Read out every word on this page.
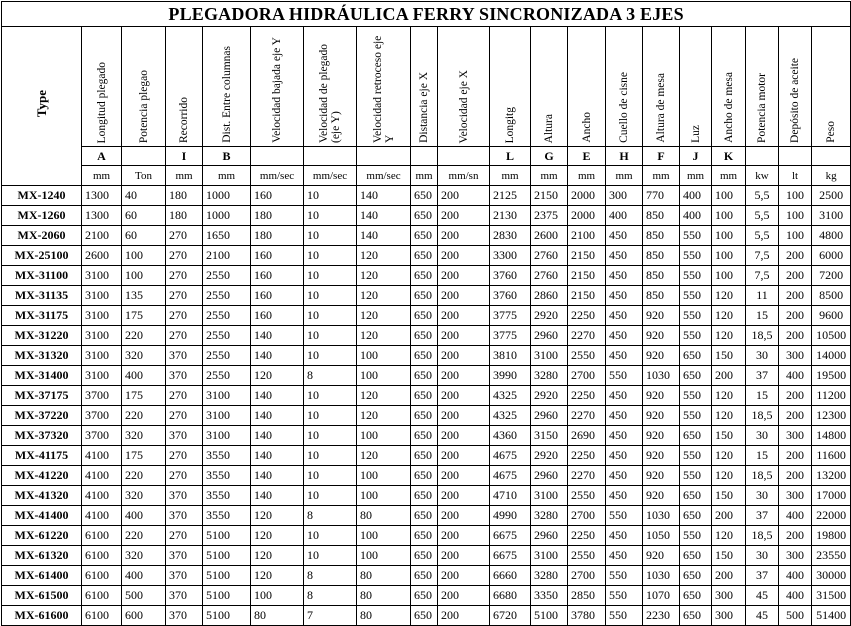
PLEGADORA HIDRÁULICA FERRY SINCRONIZADA 3 EJES																			
Type	Longitud plegado	Potencia plegao	Recorrido	Dist. Entre columnas	Velocidad bajada eje Y	Velocidad de plegado (eje Y)	Velocidad retroceso eje Y	Distancia eje X	Velocidad eje X	Longitg	Altura	Ancho	Cuello de cisne	Altura de mesa	Luz	Ancho de mesa	Potencia motor	Depósito de aceite	Peso

	A		I	B						L	G	E	H	F	J	K			
	mm	Ton	mm	mm	mm/sec	mm/sec	mm/sec	mm	mm/sn	mm	mm	mm	mm	mm	mm	mm	kw	lt	kg
MX-1240	1300	40	180	1000	160	10	140	650	200	2125	2150	2000	300	770	400	100	5,5	100	2500
MX-1260	1300	60	180	1000	180	10	140	650	200	2130	2375	2000	400	850	400	100	5,5	100	3100
MX-2060	2100	60	270	1650	180	10	140	650	200	2830	2600	2100	450	850	550	100	5,5	100	4800
MX-25100	2600	100	270	2100	160	10	120	650	200	3300	2760	2150	450	850	550	100	7,5	200	6000
MX-31100	3100	100	270	2550	160	10	120	650	200	3760	2760	2150	450	850	550	100	7,5	200	7200
MX-31135	3100	135	270	2550	160	10	120	650	200	3760	2860	2150	450	850	550	120	11	200	8500
MX-31175	3100	175	270	2550	160	10	120	650	200	3775	2920	2250	450	920	550	120	15	200	9600
MX-31220	3100	220	270	2550	140	10	120	650	200	3775	2960	2270	450	920	550	120	18,5	200	10500
MX-31320	3100	320	370	2550	140	10	100	650	200	3810	3100	2550	450	920	650	150	30	300	14000
MX-31400	3100	400	370	2550	120	8	100	650	200	3990	3280	2700	550	1030	650	200	37	400	19500
MX-37175	3700	175	270	3100	140	10	120	650	200	4325	2920	2250	450	920	550	120	15	200	11200
MX-37220	3700	220	270	3100	140	10	120	650	200	4325	2960	2270	450	920	550	120	18,5	200	12300
MX-37320	3700	320	370	3100	140	10	100	650	200	4360	3150	2690	450	920	650	150	30	300	14800
MX-41175	4100	175	270	3550	140	10	120	650	200	4675	2920	2250	450	920	550	120	15	200	11600
MX-41220	4100	220	270	3550	140	10	100	650	200	4675	2960	2270	450	920	550	120	18,5	200	13200
MX-41320	4100	320	370	3550	140	10	100	650	200	4710	3100	2550	450	920	650	150	30	300	17000
MX-41400	4100	400	370	3550	120	8	80	650	200	4990	3280	2700	550	1030	650	200	37	400	22000
MX-61220	6100	220	270	5100	120	10	100	650	200	6675	2960	2250	450	1050	550	120	18,5	200	19800
MX-61320	6100	320	370	5100	120	10	100	650	200	6675	3100	2550	450	920	650	150	30	300	23550
MX-61400	6100	400	370	5100	120	8	80	650	200	6660	3280	2700	550	1030	650	200	37	400	30000
MX-61500	6100	500	370	5100	100	8	80	650	200	6680	3350	2850	550	1070	650	300	45	400	31500
MX-61600	6100	600	370	5100	80	7	80	650	200	6720	5100	3780	550	2230	650	300	45	500	51400
